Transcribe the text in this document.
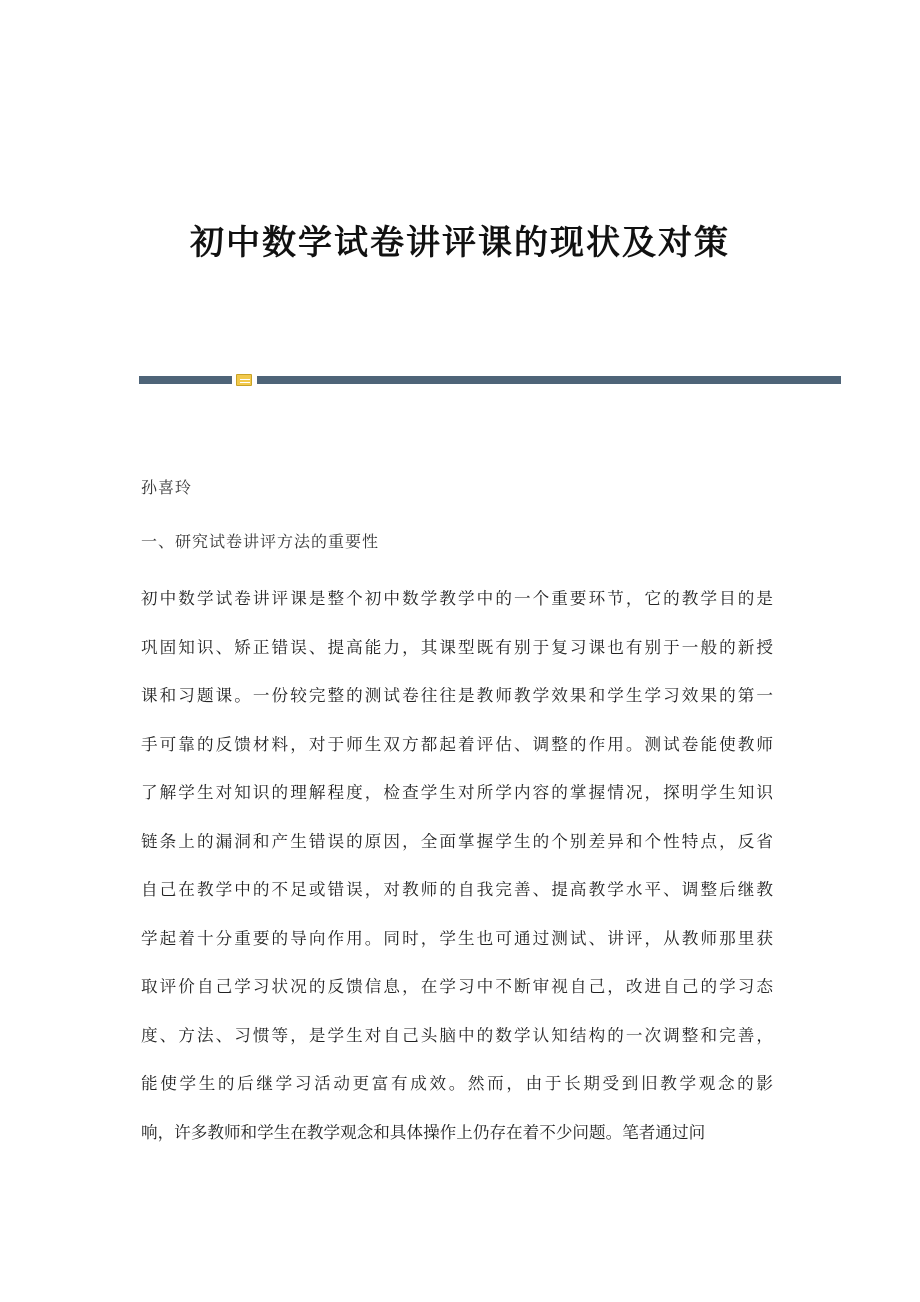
初中数学试卷讲评课的现状及对策
孙喜玲
一、研究试卷讲评方法的重要性
初中数学试卷讲评课是整个初中数学教学中的一个重要环节，它的教学目的是
巩固知识、矫正错误、提高能力，其课型既有别于复习课也有别于一般的新授
课和习题课。一份较完整的测试卷往往是教师教学效果和学生学习效果的第一
手可靠的反馈材料，对于师生双方都起着评估、调整的作用。测试卷能使教师
了解学生对知识的理解程度，检查学生对所学内容的掌握情况，探明学生知识
链条上的漏洞和产生错误的原因，全面掌握学生的个别差异和个性特点，反省
自己在教学中的不足或错误，对教师的自我完善、提高教学水平、调整后继教
学起着十分重要的导向作用。同时，学生也可通过测试、讲评，从教师那里获
取评价自己学习状况的反馈信息，在学习中不断审视自己，改进自己的学习态
度、方法、习惯等，是学生对自己头脑中的数学认知结构的一次调整和完善，
能使学生的后继学习活动更富有成效。然而，由于长期受到旧教学观念的影
响，许多教师和学生在教学观念和具体操作上仍存在着不少问题。笔者通过问
